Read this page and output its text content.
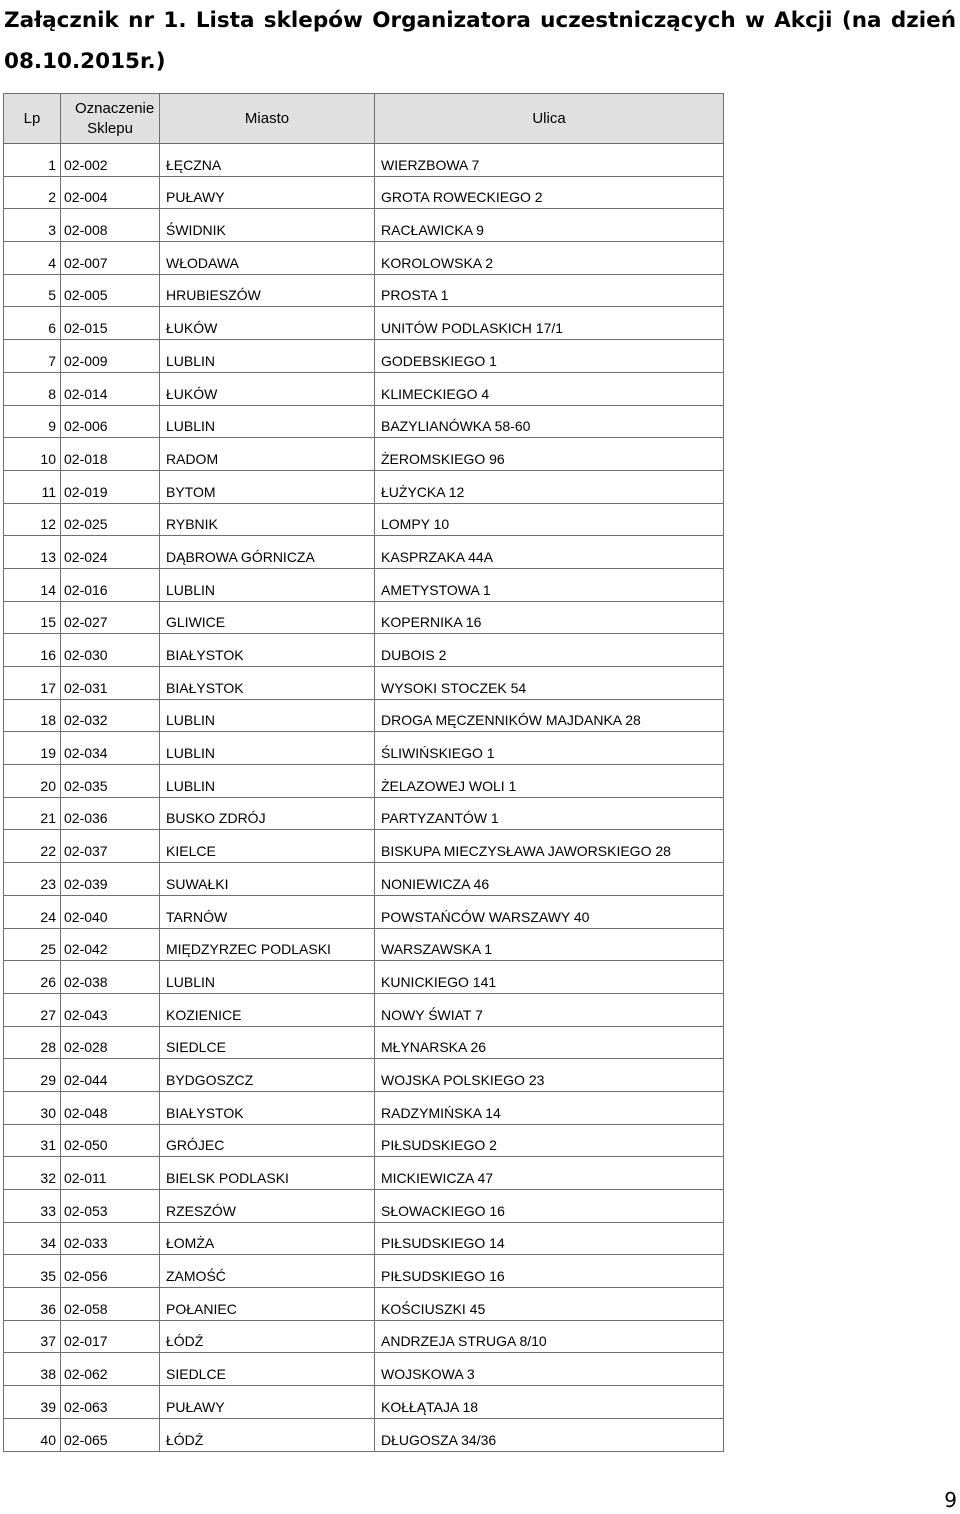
Załącznik nr 1. Lista sklepów Organizatora uczestniczących w Akcji (na dzień 08.10.2015r.)
Lp	Oznaczenie Sklepu	Miasto	Ulica
1	02-002	ŁĘCZNA	WIERZBOWA 7
2	02-004	PUŁAWY	GROTA ROWECKIEGO 2
3	02-008	ŚWIDNIK	RACŁAWICKA 9
4	02-007	WŁODAWA	KOROLOWSKA 2
5	02-005	HRUBIESZÓW	PROSTA 1
6	02-015	ŁUKÓW	UNITÓW PODLASKICH 17/1
7	02-009	LUBLIN	GODEBSKIEGO 1
8	02-014	ŁUKÓW	KLIMECKIEGO 4
9	02-006	LUBLIN	BAZYLIANÓWKA 58-60
10	02-018	RADOM	ŻEROMSKIEGO 96
11	02-019	BYTOM	ŁUŻYCKA 12
12	02-025	RYBNIK	LOMPY 10
13	02-024	DĄBROWA GÓRNICZA	KASPRZAKA 44A
14	02-016	LUBLIN	AMETYSTOWA 1
15	02-027	GLIWICE	KOPERNIKA 16
16	02-030	BIAŁYSTOK	DUBOIS 2
17	02-031	BIAŁYSTOK	WYSOKI STOCZEK 54
18	02-032	LUBLIN	DROGA MĘCZENNIKÓW MAJDANKA 28
19	02-034	LUBLIN	ŚLIWIŃSKIEGO 1
20	02-035	LUBLIN	ŻELAZOWEJ WOLI 1
21	02-036	BUSKO ZDRÓJ	PARTYZANTÓW 1
22	02-037	KIELCE	BISKUPA MIECZYSŁAWA JAWORSKIEGO 28
23	02-039	SUWAŁKI	NONIEWICZA 46
24	02-040	TARNÓW	POWSTAŃCÓW WARSZAWY 40
25	02-042	MIĘDZYRZEC PODLASKI	WARSZAWSKA 1
26	02-038	LUBLIN	KUNICKIEGO 141
27	02-043	KOZIENICE	NOWY ŚWIAT 7
28	02-028	SIEDLCE	MŁYNARSKA 26
29	02-044	BYDGOSZCZ	WOJSKA POLSKIEGO 23
30	02-048	BIAŁYSTOK	RADZYMIŃSKA 14
31	02-050	GRÓJEC	PIŁSUDSKIEGO 2
32	02-011	BIELSK PODLASKI	MICKIEWICZA 47
33	02-053	RZESZÓW	SŁOWACKIEGO 16
34	02-033	ŁOMŻA	PIŁSUDSKIEGO 14
35	02-056	ZAMOŚĆ	PIŁSUDSKIEGO 16
36	02-058	POŁANIEC	KOŚCIUSZKI 45
37	02-017	ŁÓDŹ	ANDRZEJA STRUGA 8/10
38	02-062	SIEDLCE	WOJSKOWA 3
39	02-063	PUŁAWY	KOŁŁĄTAJA 18
40	02-065	ŁÓDŹ	DŁUGOSZA 34/36
9
